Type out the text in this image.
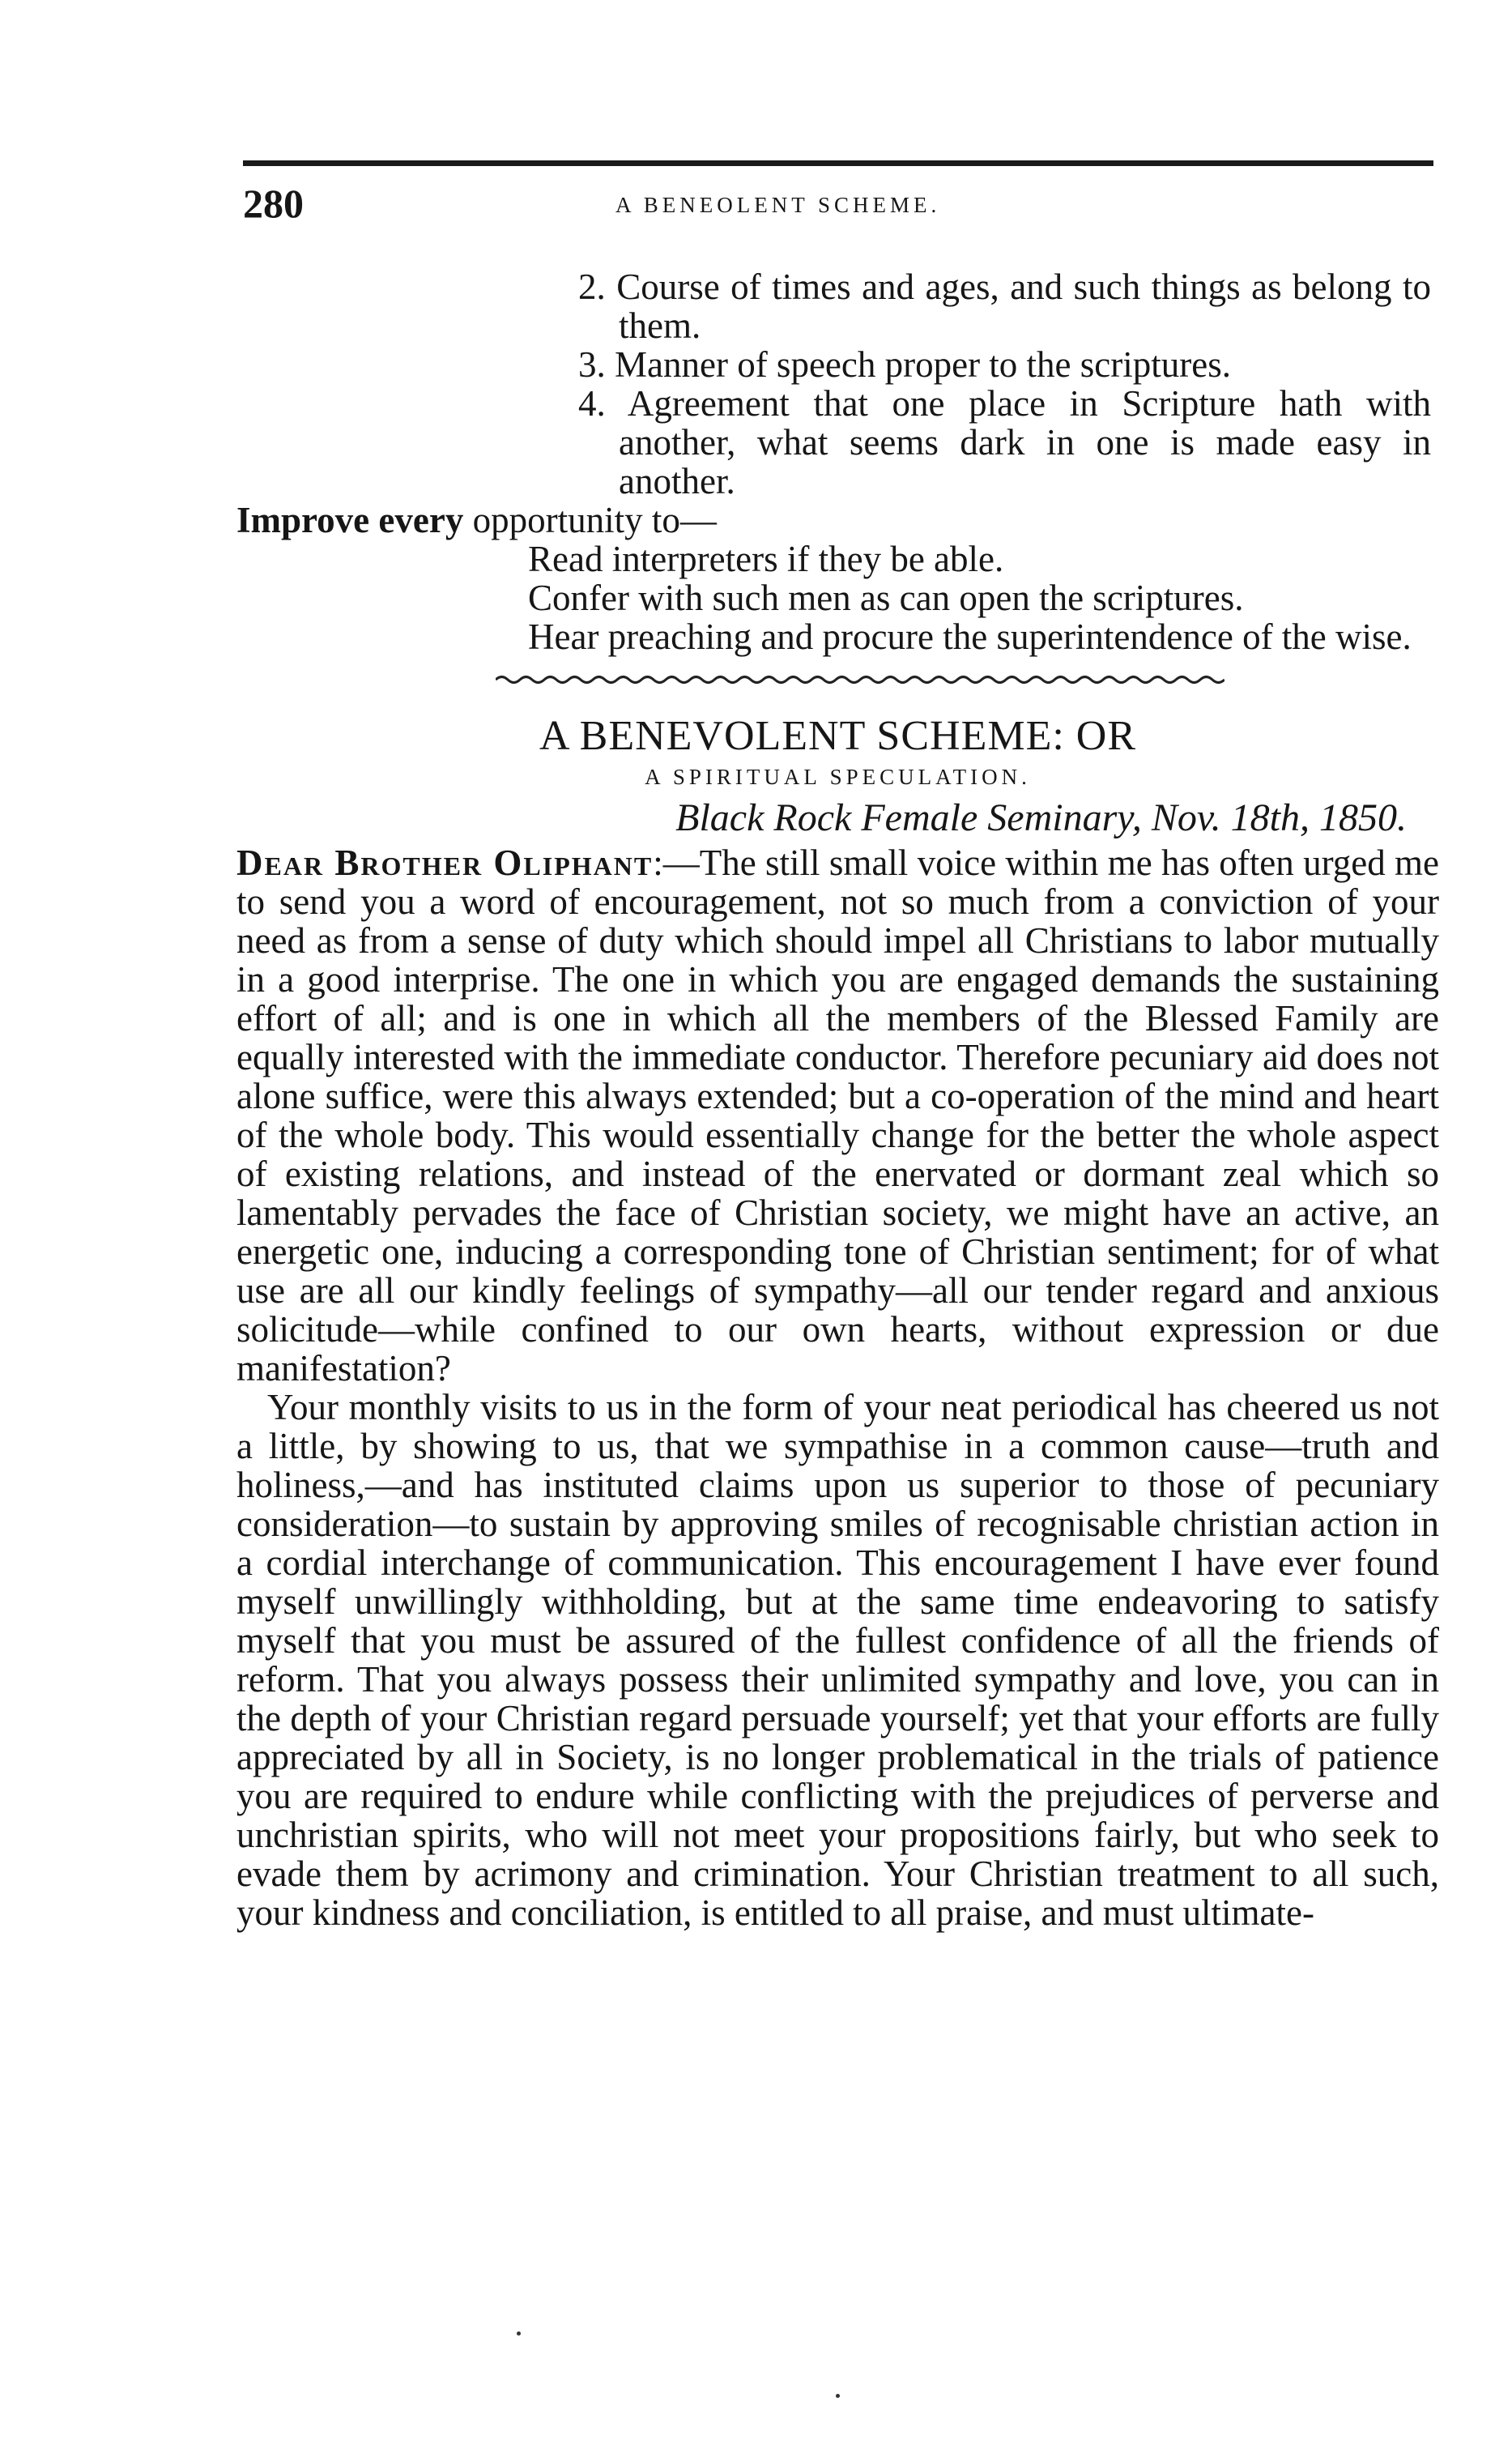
280	A BENEOLENT SCHEME.
2. Course of times and ages, and such things as belong to them.
3. Manner of speech proper to the scriptures.
4. Agreement that one place in Scripture hath with another, what seems dark in one is made easy in another.
Improve every opportunity to—
Read interpreters if they be able.
Confer with such men as can open the scriptures.
Hear preaching and procure the superintendence of the wise.
A BENEVOLENT SCHEME: OR
A SPIRITUAL SPECULATION.
Black Rock Female Seminary, Nov. 18th, 1850.
Dear Brother Oliphant:—The still small voice within me has often urged me to send you a word of encouragement, not so much from a conviction of your need as from a sense of duty which should impel all Christians to labor mutually in a good interprise. The one in which you are engaged demands the sustaining effort of all; and is one in which all the members of the Blessed Family are equally interested with the immediate conductor. Therefore pecuniary aid does not alone suffice, were this always extended; but a co-operation of the mind and heart of the whole body. This would essentially change for the better the whole aspect of existing relations, and instead of the enervated or dormant zeal which so lamentably pervades the face of Christian society, we might have an active, an energetic one, inducing a corresponding tone of Christian sentiment; for of what use are all our kindly feelings of sympathy—all our tender regard and anxious solicitude—while confined to our own hearts, without expression or due manifestation?
Your monthly visits to us in the form of your neat periodical has cheered us not a little, by showing to us, that we sympathise in a common cause—truth and holiness,—and has instituted claims upon us superior to those of pecuniary consideration—to sustain by approving smiles of recognisable christian action in a cordial interchange of communication. This encouragement I have ever found myself unwillingly withholding, but at the same time endeavoring to satisfy myself that you must be assured of the fullest confidence of all the friends of reform. That you always possess their unlimited sympathy and love, you can in the depth of your Christian regard persuade yourself; yet that your efforts are fully appreciated by all in Society, is no longer problematical in the trials of patience you are required to endure while conflicting with the prejudices of perverse and unchristian spirits, who will not meet your propositions fairly, but who seek to evade them by acrimony and crimination. Your Christian treatment to all such, your kindness and conciliation, is entitled to all praise, and must ultimate-
